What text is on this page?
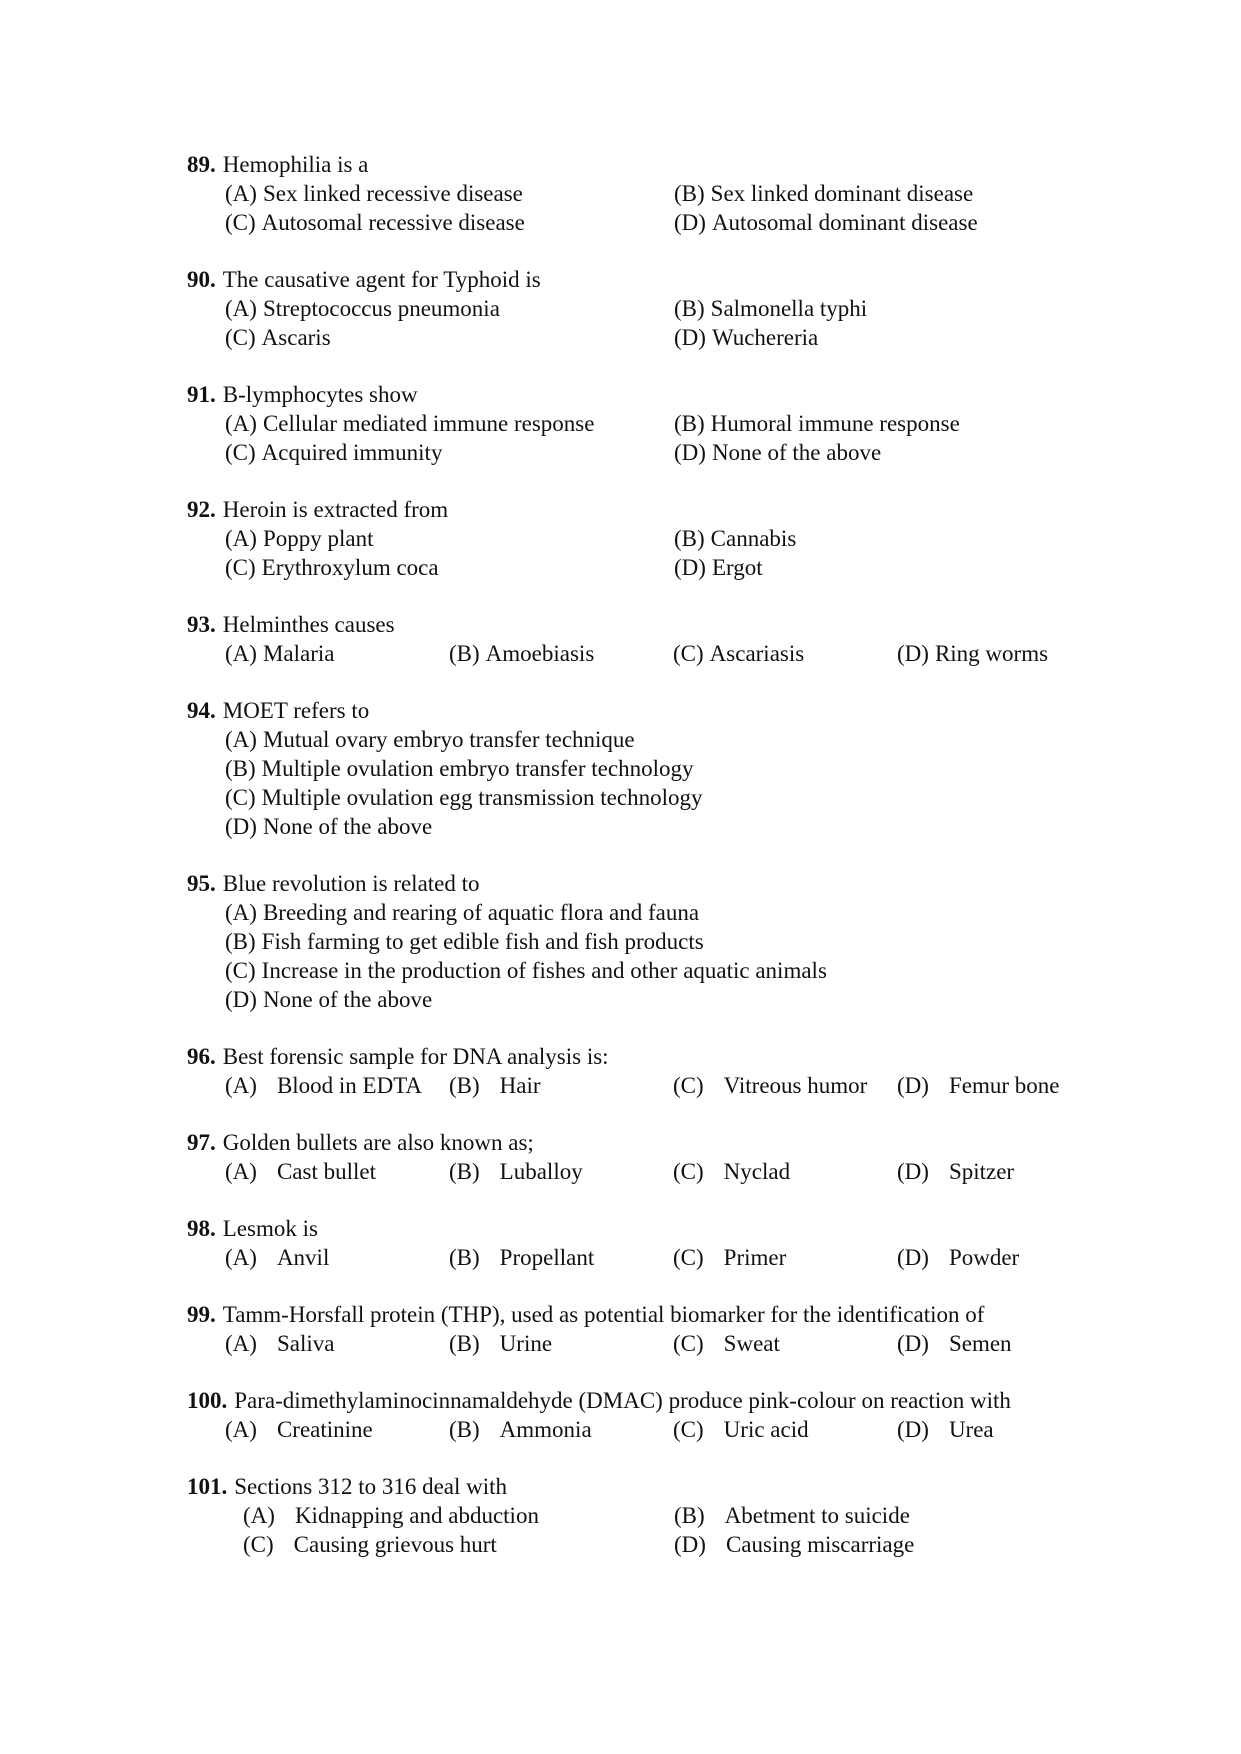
89. Hemophilia is a
(A) Sex linked recessive disease	(B) Sex linked dominant disease
(C) Autosomal recessive disease	(D) Autosomal dominant disease
90. The causative agent for Typhoid is
(A) Streptococcus pneumonia	(B) Salmonella typhi
(C) Ascaris	(D) Wuchereria
91. B-lymphocytes show
(A) Cellular mediated immune response	(B) Humoral immune response
(C) Acquired immunity	(D) None of the above
92. Heroin is extracted from
(A) Poppy plant	(B) Cannabis
(C) Erythroxylum coca	(D) Ergot
93. Helminthes causes
(A) Malaria	(B) Amoebiasis	(C) Ascariasis	(D) Ring worms
94. MOET refers to
(A) Mutual ovary embryo transfer technique
(B) Multiple ovulation embryo transfer technology
(C) Multiple ovulation egg transmission technology
(D) None of the above
95. Blue revolution is related to
(A) Breeding and rearing of aquatic flora and fauna
(B) Fish farming to get edible fish and fish products
(C) Increase in the production of fishes and other aquatic animals
(D) None of the above
96. Best forensic sample for DNA analysis is:
(A) Blood in EDTA	(B) Hair	(C) Vitreous humor	(D) Femur bone
97. Golden bullets are also known as;
(A) Cast bullet	(B) Luballoy	(C) Nyclad	(D) Spitzer
98. Lesmok is
(A) Anvil	(B) Propellant	(C) Primer	(D) Powder
99. Tamm-Horsfall protein (THP), used as potential biomarker for the identification of
(A) Saliva	(B) Urine	(C) Sweat	(D) Semen
100. Para-dimethylaminocinnamaldehyde (DMAC) produce pink-colour on reaction with
(A) Creatinine	(B) Ammonia	(C) Uric acid	(D) Urea
101. Sections 312 to 316 deal with
(A) Kidnapping and abduction	(B) Abetment to suicide
(C) Causing grievous hurt	(D) Causing miscarriage
